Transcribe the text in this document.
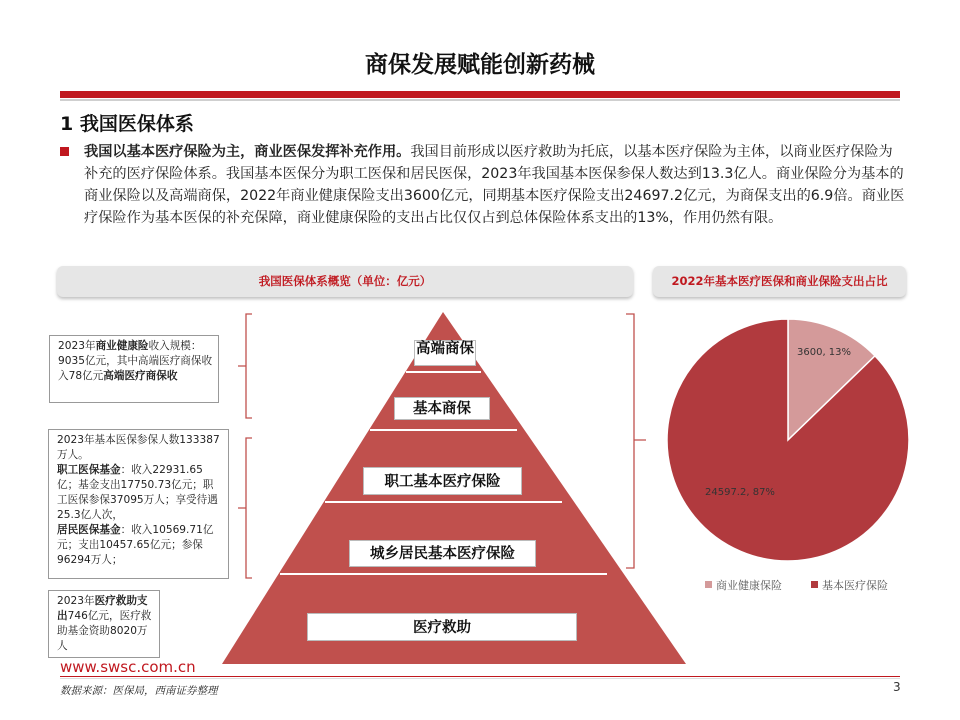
商保发展赋能创新药械
1 我国医保体系
我国以基本医疗保险为主，商业医保发挥补充作用。我国目前形成以医疗救助为托底，以基本医疗保险为主体，以商业医疗保险为补充的医疗保险体系。我国基本医保分为职工医保和居民医保，2023年我国基本医保参保人数达到13.3亿人。商业保险分为基本的商业保险以及高端商保，2022年商业健康保险支出3600亿元，同期基本医疗保险支出24697.2亿元，为商保支出的6.9倍。商业医疗保险作为基本医保的补充保障，商业健康保险的支出占比仅仅占到总体保险体系支出的13%，作用仍然有限。
我国医保体系概览（单位：亿元）	2022年基本医疗医保和商业保险支出占比
高端商保
基本商保
职工基本医疗保险
城乡居民基本医疗保险
医疗救助
2023年商业健康险收入规模：9035亿元，其中高端医疗商保收入78亿元高端医疗商保收
2023年基本医保参保人数133387万人。
职工医保基金：收入22931.65亿；基金支出17750.73亿元；职工医保参保37095万人；享受待遇25.3亿人次，
居民医保基金：收入10569.71亿元；支出10457.65亿元；参保96294万人；
2023年医疗救助支出746亿元，医疗救助基金资助8020万人
3600, 13%
24597.2, 87%
商业健康保险	基本医疗保险
www.swsc.com.cn
数据来源：医保局，西南证券整理	3
